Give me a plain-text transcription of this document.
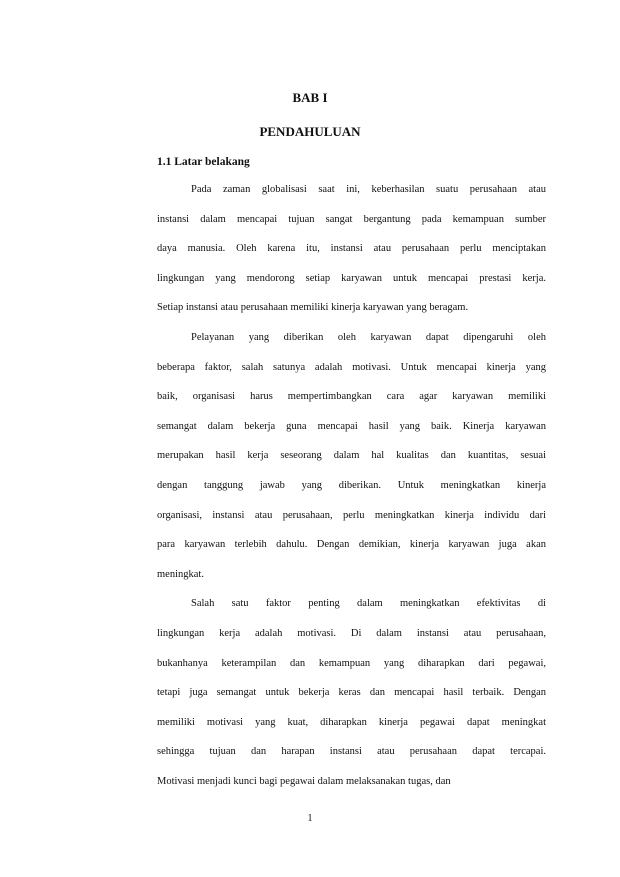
BAB I
PENDAHULUAN
1.1 Latar belakang
Pada zaman globalisasi saat ini, keberhasilan suatu perusahaan atau
instansi dalam mencapai tujuan sangat bergantung pada kemampuan sumber
daya manusia. Oleh karena itu, instansi atau perusahaan perlu menciptakan
lingkungan yang mendorong setiap karyawan untuk mencapai prestasi kerja.
Setiap instansi atau perusahaan memiliki kinerja karyawan yang beragam.
Pelayanan yang diberikan oleh karyawan dapat dipengaruhi oleh
beberapa faktor, salah satunya adalah motivasi. Untuk mencapai kinerja yang
baik, organisasi harus mempertimbangkan cara agar karyawan memiliki
semangat dalam bekerja guna mencapai hasil yang baik. Kinerja karyawan
merupakan hasil kerja seseorang dalam hal kualitas dan kuantitas, sesuai
dengan tanggung jawab yang diberikan. Untuk meningkatkan kinerja
organisasi, instansi atau perusahaan, perlu meningkatkan kinerja individu dari
para karyawan terlebih dahulu. Dengan demikian, kinerja karyawan juga akan
meningkat.
Salah satu faktor penting dalam meningkatkan efektivitas di
lingkungan kerja adalah motivasi. Di dalam instansi atau perusahaan,
bukanhanya keterampilan dan kemampuan yang diharapkan dari pegawai,
tetapi juga semangat untuk bekerja keras dan mencapai hasil terbaik. Dengan
memiliki motivasi yang kuat, diharapkan kinerja pegawai dapat meningkat
sehingga tujuan dan harapan instansi atau perusahaan dapat tercapai.
Motivasi menjadi kunci bagi pegawai dalam melaksanakan tugas, dan
1
